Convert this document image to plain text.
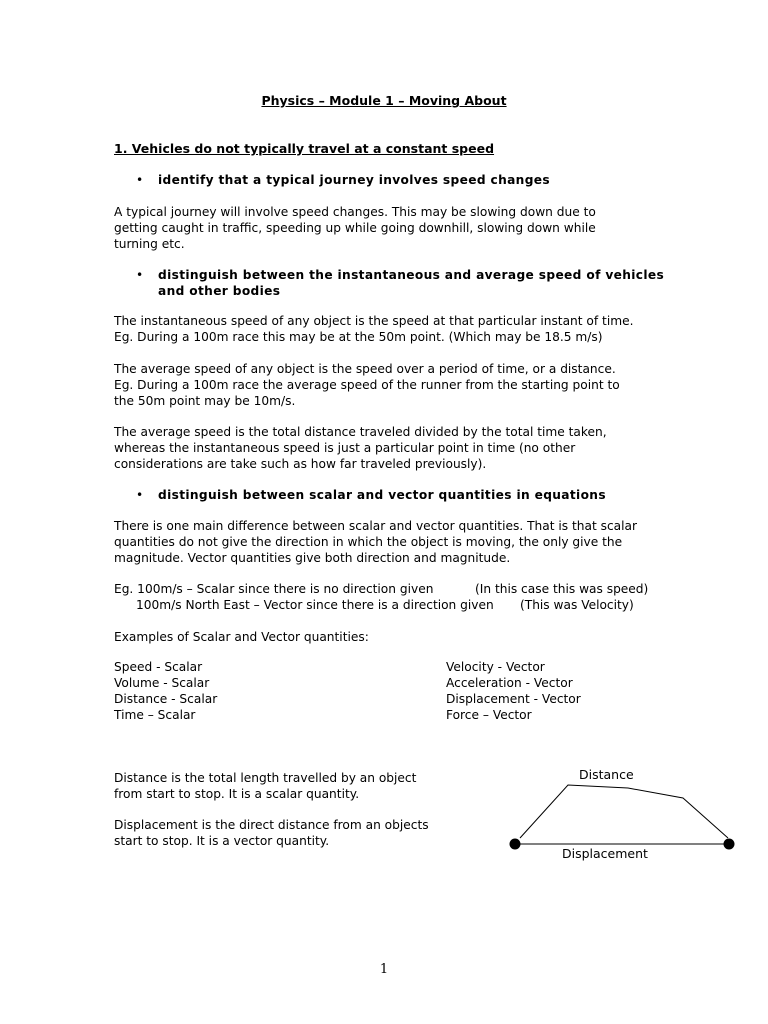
Physics – Module 1 – Moving About
1. Vehicles do not typically travel at a constant speed
• identify that a typical journey involves speed changes
A typical journey will involve speed changes. This may be slowing down due to
getting caught in traffic, speeding up while going downhill, slowing down while
turning etc.
• distinguish between the instantaneous and average speed of vehicles
and other bodies
The instantaneous speed of any object is the speed at that particular instant of time.
Eg. During a 100m race this may be at the 50m point. (Which may be 18.5 m/s)
The average speed of any object is the speed over a period of time, or a distance.
Eg. During a 100m race the average speed of the runner from the starting point to
the 50m point may be 10m/s.
The average speed is the total distance traveled divided by the total time taken,
whereas the instantaneous speed is just a particular point in time (no other
considerations are take such as how far traveled previously).
• distinguish between scalar and vector quantities in equations
There is one main difference between scalar and vector quantities. That is that scalar
quantities do not give the direction in which the object is moving, the only give the
magnitude. Vector quantities give both direction and magnitude.
Eg. 100m/s – Scalar since there is no direction given	(In this case this was speed)
100m/s North East – Vector since there is a direction given (This was Velocity)
Examples of Scalar and Vector quantities:
Speed - Scalar
Volume - Scalar
Distance - Scalar
Time – Scalar
Velocity - Vector
Acceleration - Vector
Displacement - Vector
Force – Vector
Distance is the total length travelled by an object
from start to stop. It is a scalar quantity.
Displacement is the direct distance from an objects
start to stop. It is a vector quantity.
Distance
Displacement
1
